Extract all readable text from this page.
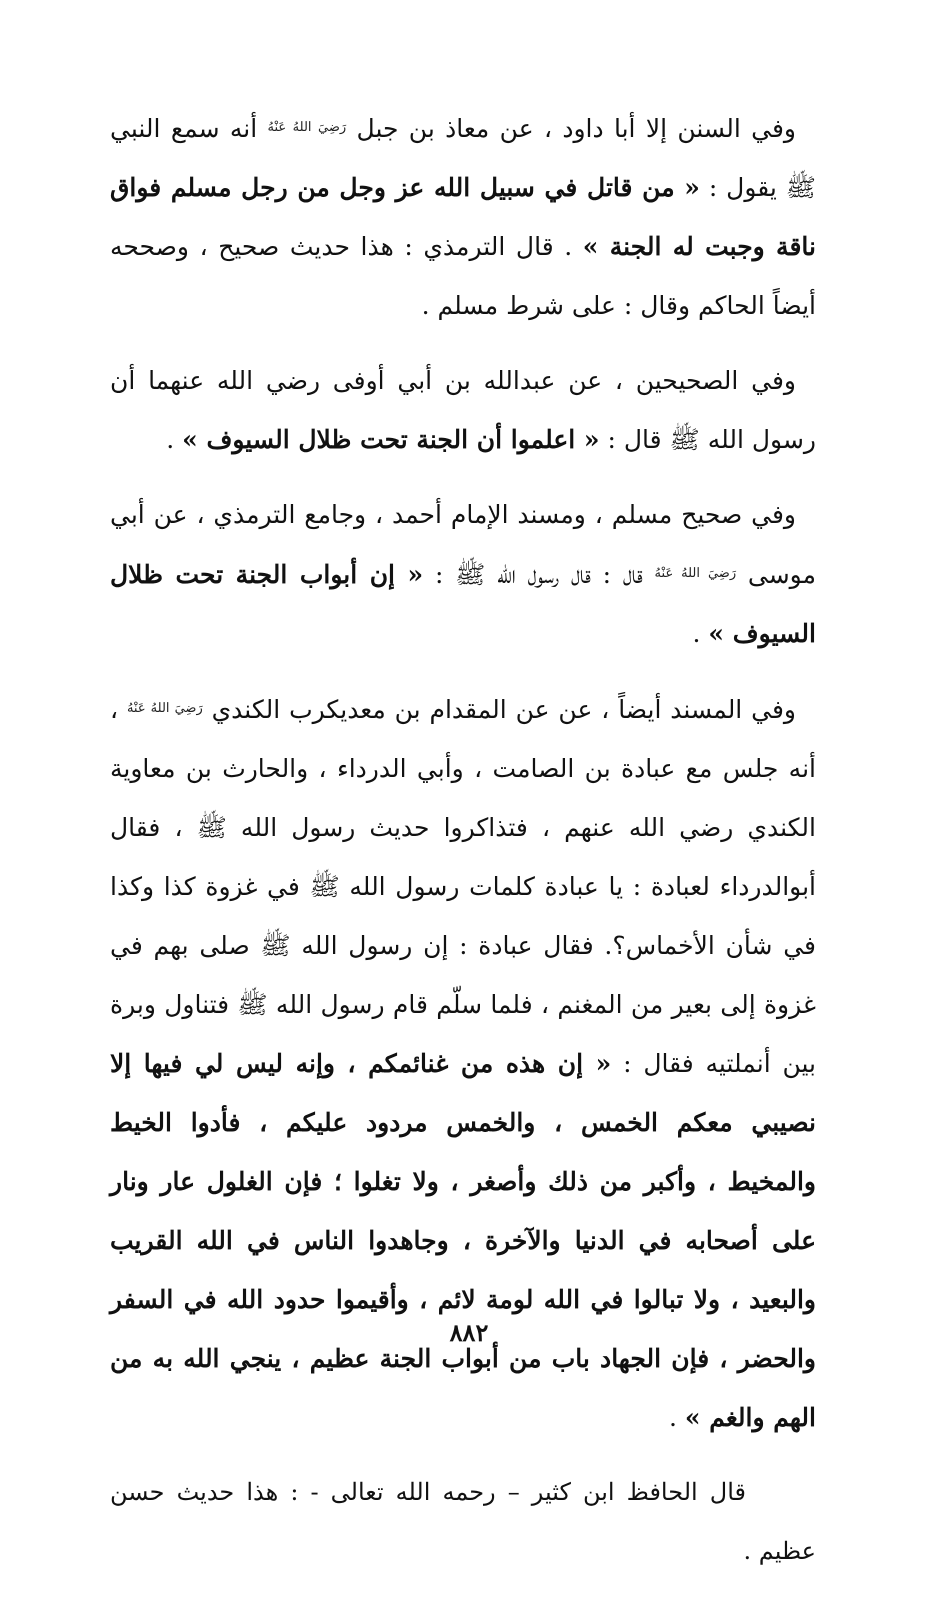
وفي السنن إلا أبا داود ، عن معاذ بن جبل $^{رَضِيَ اللهُ عَنْهُ}$ أنه سمع النبي ﷺ يقول : « من قاتل في سبيل الله عز وجل من رجل مسلم فواق ناقة وجبت له الجنة » . قال الترمذي : هذا حديث صحيح ، وصححه أيضاً الحاكم وقال : على شرط مسلم .

وفي الصحيحين ، عن عبدالله بن أبي أوفى رضي الله عنهما أن رسول الله ﷺ قال : « اعلموا أن الجنة تحت ظلال السيوف » .

وفي صحيح مسلم ، ومسند الإمام أحمد ، وجامع الترمذي ، عن أبي موسى $^{رَضِيَ اللهُ عَنْهُ}$ قال : قال رسول الله ﷺ : « إن أبواب الجنة تحت ظلال السيوف » .

وفي المسند أيضاً ، عن عن المقدام بن معديكرب الكندي $^{رَضِيَ اللهُ عَنْهُ}$ ، أنه جلس مع عبادة بن الصامت ، وأبي الدرداء ، والحارث بن معاوية الكندي رضي الله عنهم ، فتذاكروا حديث رسول الله ﷺ ، فقال أبوالدرداء لعبادة : يا عبادة كلمات رسول الله ﷺ في غزوة كذا وكذا في شأن الأخماس؟. فقال عبادة : إن رسول الله ﷺ صلى بهم في غزوة إلى بعير من المغنم ، فلما سلّم قام رسول الله ﷺ فتناول وبرة بين أنملتيه فقال : « إن هذه من غنائمكم ، وإنه ليس لي فيها إلا نصيبي معكم الخمس ، والخمس مردود عليكم ، فأدوا الخيط والمخيط ، وأكبر من ذلك وأصغر ، ولا تغلوا ؛ فإن الغلول عار ونار على أصحابه في الدنيا والآخرة ، وجاهدوا الناس في الله القريب والبعيد ، ولا تبالوا في الله لومة لائم ، وأقيموا حدود الله في السفر والحضر ، فإن الجهاد باب من أبواب الجنة عظيم ، ينجي الله به من الهم والغم » .

قال الحافظ ابن كثير – رحمه الله تعالى - : هذا حديث حسن عظيم .

٨٨٢
